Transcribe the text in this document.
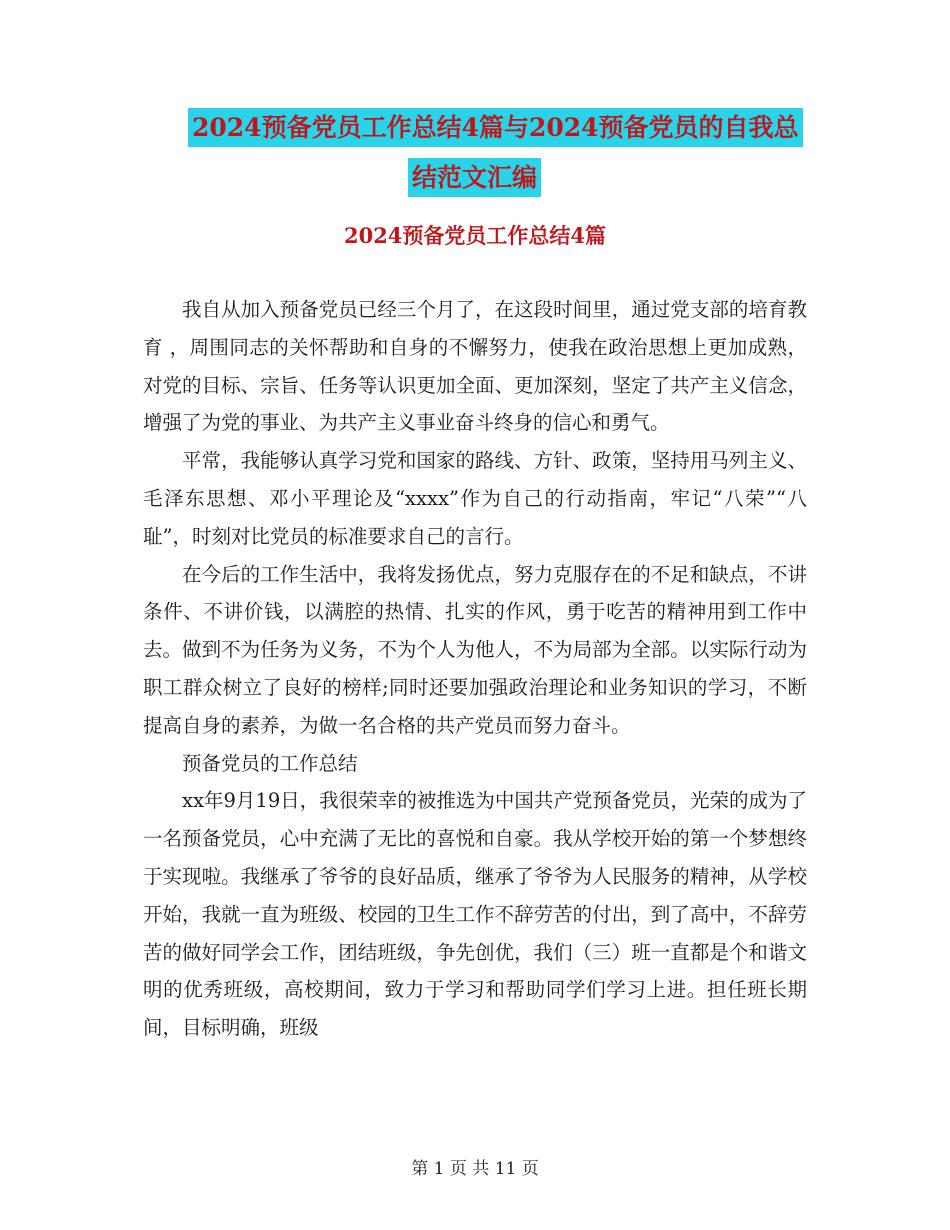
2024预备党员工作总结4篇与2024预备党员的自我总
结范文汇编
2024预备党员工作总结4篇

我自从加入预备党员已经三个月了，在这段时间里，通过党支部的培育教育 ，周围同志的关怀帮助和自身的不懈努力，使我在政治思想上更加成熟，对党的目标、宗旨、任务等认识更加全面、更加深刻，坚定了共产主义信念，增强了为党的事业、为共产主义事业奋斗终身的信心和勇气。

平常，我能够认真学习党和国家的路线、方针、政策，坚持用马列主义、毛泽东思想、邓小平理论及“xxxx”作为自己的行动指南，牢记“八荣”“八耻”，时刻对比党员的标准要求自己的言行。

在今后的工作生活中，我将发扬优点，努力克服存在的不足和缺点，不讲条件、不讲价钱，以满腔的热情、扎实的作风，勇于吃苦的精神用到工作中去。做到不为任务为义务，不为个人为他人，不为局部为全部。以实际行动为职工群众树立了良好的榜样;同时还要加强政治理论和业务知识的学习，不断提高自身的素养，为做一名合格的共产党员而努力奋斗。

预备党员的工作总结

xx年9月19日，我很荣幸的被推选为中国共产党预备党员，光荣的成为了一名预备党员，心中充满了无比的喜悦和自豪。我从学校开始的第一个梦想终于实现啦。我继承了爷爷的良好品质，继承了爷爷为人民服务的精神，从学校开始，我就一直为班级、校园的卫生工作不辞劳苦的付出，到了高中，不辞劳苦的做好同学会工作，团结班级，争先创优，我们（三）班一直都是个和谐文明的优秀班级，高校期间，致力于学习和帮助同学们学习上进。担任班长期间，目标明确，班级

第 1 页 共 11 页
